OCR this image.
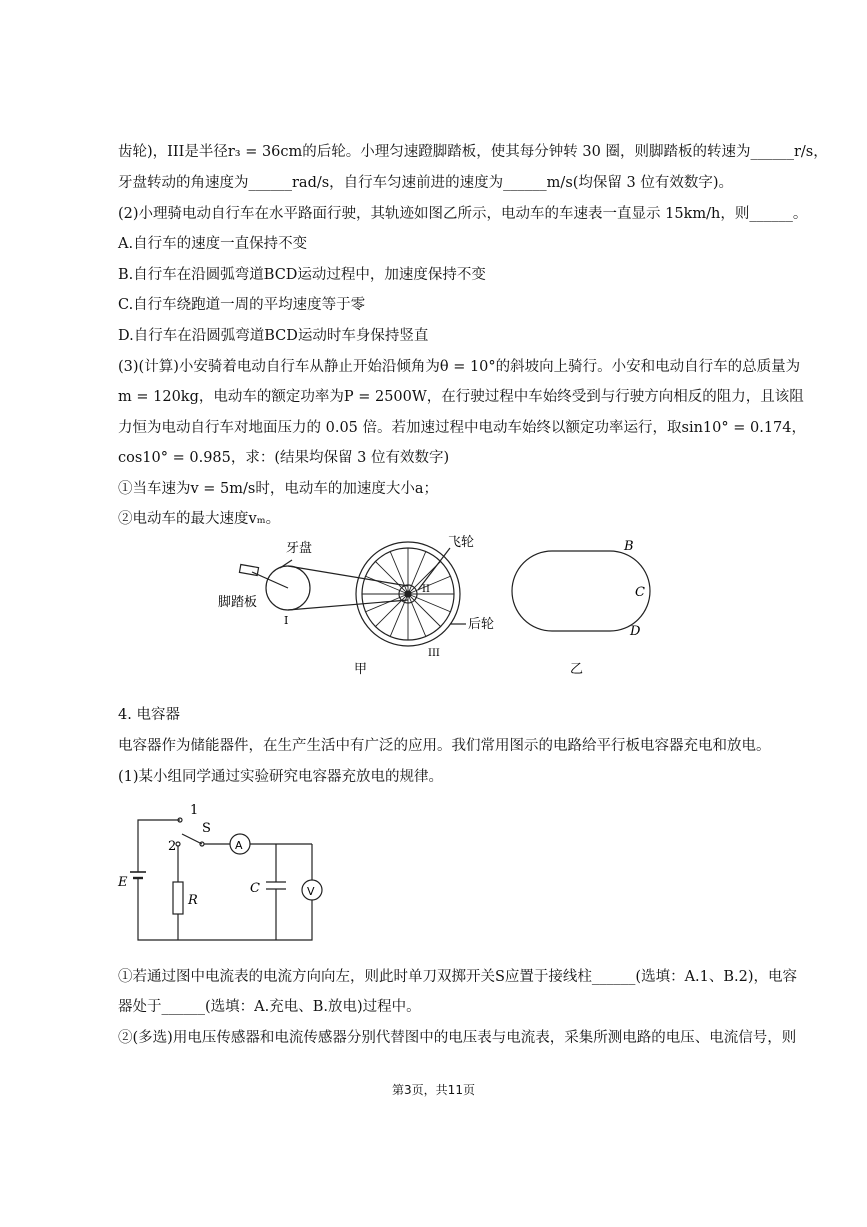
齿轮)，III是半径r₃ = 36cm的后轮。小理匀速蹬脚踏板，使其每分钟转 30 圈，则脚踏板的转速为______r/s，
牙盘转动的角速度为______rad/s，自行车匀速前进的速度为______m/s(均保留 3 位有效数字)。
(2)小理骑电动自行车在水平路面行驶，其轨迹如图乙所示，电动车的车速表一直显示 15km/h，则______。
A.自行车的速度一直保持不变
B.自行车在沿圆弧弯道BCD运动过程中，加速度保持不变
C.自行车绕跑道一周的平均速度等于零
D.自行车在沿圆弧弯道BCD运动时车身保持竖直
(3)(计算)小安骑着电动自行车从静止开始沿倾角为θ = 10°的斜坡向上骑行。小安和电动自行车的总质量为
m = 120kg，电动车的额定功率为P = 2500W，在行驶过程中车始终受到与行驶方向相反的阻力，且该阻
力恒为电动自行车对地面压力的 0.05 倍。若加速过程中电动车始终以额定功率运行，取sin10° = 0.174，
cos10° = 0.985，求：(结果均保留 3 位有效数字)
①当车速为v = 5m/s时，电动车的加速度大小a；
②电动车的最大速度vₘ。
脚踏板
牙盘	飞轮
后轮
I
II
III
甲
B
C
D
乙
4. 电容器
电容器作为储能器件，在生产生活中有广泛的应用。我们常用图示的电路给平行板电容器充电和放电。
(1)某小组同学通过实验研究电容器充放电的规律。
1
2
S
A
V
E
R
C
①若通过图中电流表的电流方向向左，则此时单刀双掷开关S应置于接线柱______(选填：A.1、B.2)，电容
器处于______(选填：A.充电、B.放电)过程中。
②(多选)用电压传感器和电流传感器分别代替图中的电压表与电流表，采集所测电路的电压、电流信号，则
第3页，共11页
